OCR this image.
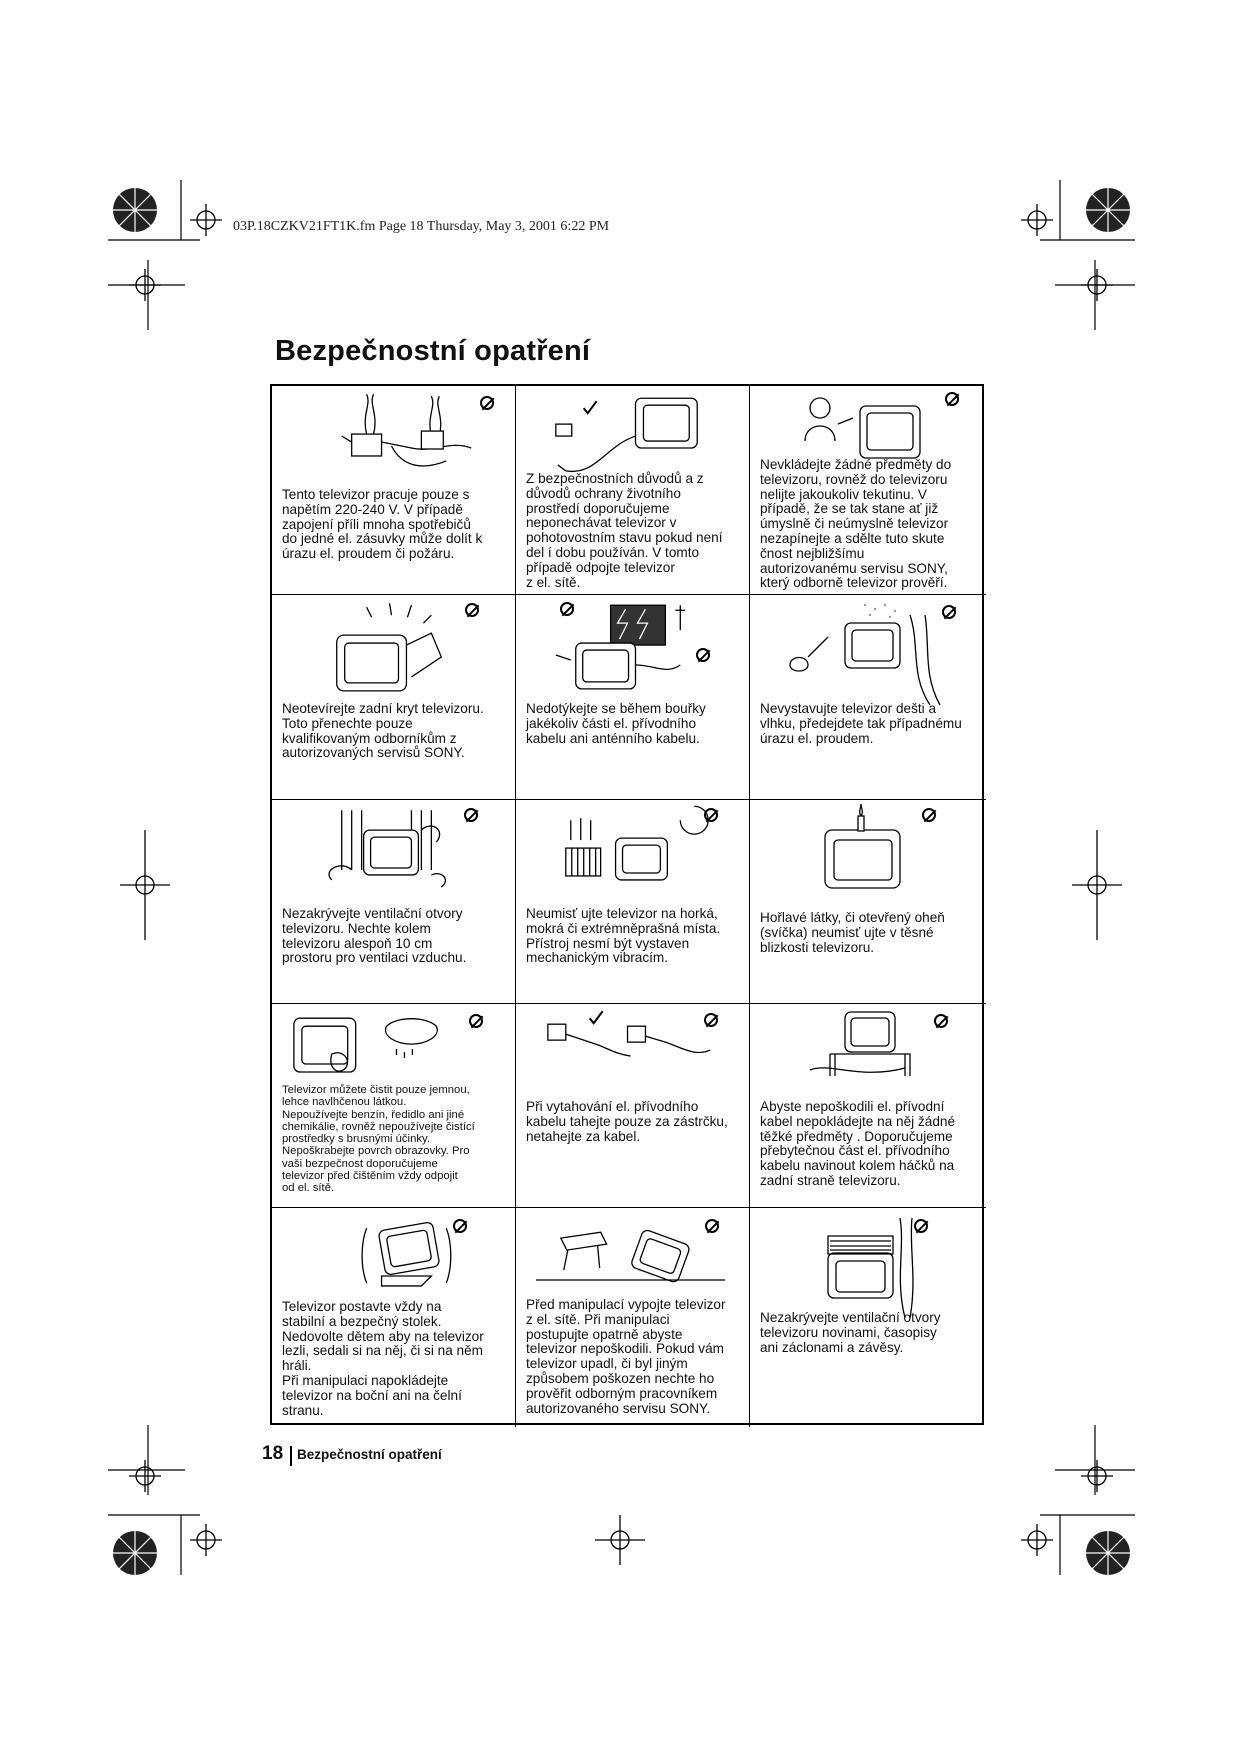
03P.18CZKV21FT1K.fm Page 18 Thursday, May 3, 2001 6:22 PM
Bezpečnostní opatření

Tento televizor pracuje pouze s
napětím 220-240 V. V případě
zapojení příli mnoha spotřebičů
do jedné el. zásuvky může dolít k
úrazu el. proudem či požáru.

Z bezpečnostních důvodů a z
důvodů ochrany životního
prostředí doporučujeme
neponechávat televizor v
pohotovostním stavu pokud není
del í dobu používán. V tomto
případě odpojte televizor
z el. sítě.

Nevkládejte žádné předměty do
televizoru, rovněž do televizoru
nelijte jakoukoliv tekutinu. V
případě, že se tak stane ať již
úmyslně či neúmyslně televizor
nezapínejte a sdělte tuto skute
čnost nejbližšímu
autorizovanému servisu SONY,
který odborně televizor prověří.

Neotevírejte zadní kryt televizoru.
Toto přenechte pouze
kvalifikovaným odborníkům z
autorizovaných servisů SONY.

Nedotýkejte se během bouřky
jakékoliv části el. přívodního
kabelu ani anténního kabelu.

Nevystavujte televizor dešti a
vlhku, předejdete tak případnému
úrazu el. proudem.

Nezakrývejte ventilační otvory
televizoru. Nechte kolem
televizoru alespoň 10 cm
prostoru pro ventilaci vzduchu.

Neumisť ujte televizor na horká,
mokrá či extrémněprašná místa.
Přístroj nesmí být vystaven
mechanickým vibracím.

Hořlavé látky, či otevřený oheň
(svíčka) neumisť ujte v těsné
blizkosti televizoru.

Televizor můžete čistit pouze jemnou,
lehce navlhčenou látkou.
Nepoužívejte benzín, ředidlo ani jiné
chemikálie, rovněž nepoužívejte čistící
prostředky s brusnými účinky.
Nepoškrabejte povrch obrazovky. Pro
vaši bezpečnost doporučujeme
televizor před čištěním vždy odpojit
od el. sítě.

Při vytahování el. přívodního
kabelu tahejte pouze za zástrčku,
netahejte za kabel.

Abyste nepoškodili el. přívodní
kabel nepokládejte na něj žádné
těžké předměty . Doporučujeme
přebytečnou část el. přívodního
kabelu navinout kolem háčků na
zadní straně televizoru.

Televizor postavte vždy na
stabilní a bezpečný stolek.
Nedovolte dětem aby na televizor
lezli, sedali si na něj, či si na něm
hráli.
Při manipulaci napokládejte
televizor na boční ani na čelní
stranu.

Před manipulací vypojte televizor
z el. sítě. Při manipulaci
postupujte opatrně abyste
televizor nepoškodili. Pokud vám
televizor upadl, či byl jiným
způsobem poškozen nechte ho
prověřit odborným pracovníkem
autorizovaného servisu SONY.

Nezakrývejte ventilační otvory
televizoru novinami, časopisy
ani záclonami a závěsy.

18 Bezpečnostní opatření
